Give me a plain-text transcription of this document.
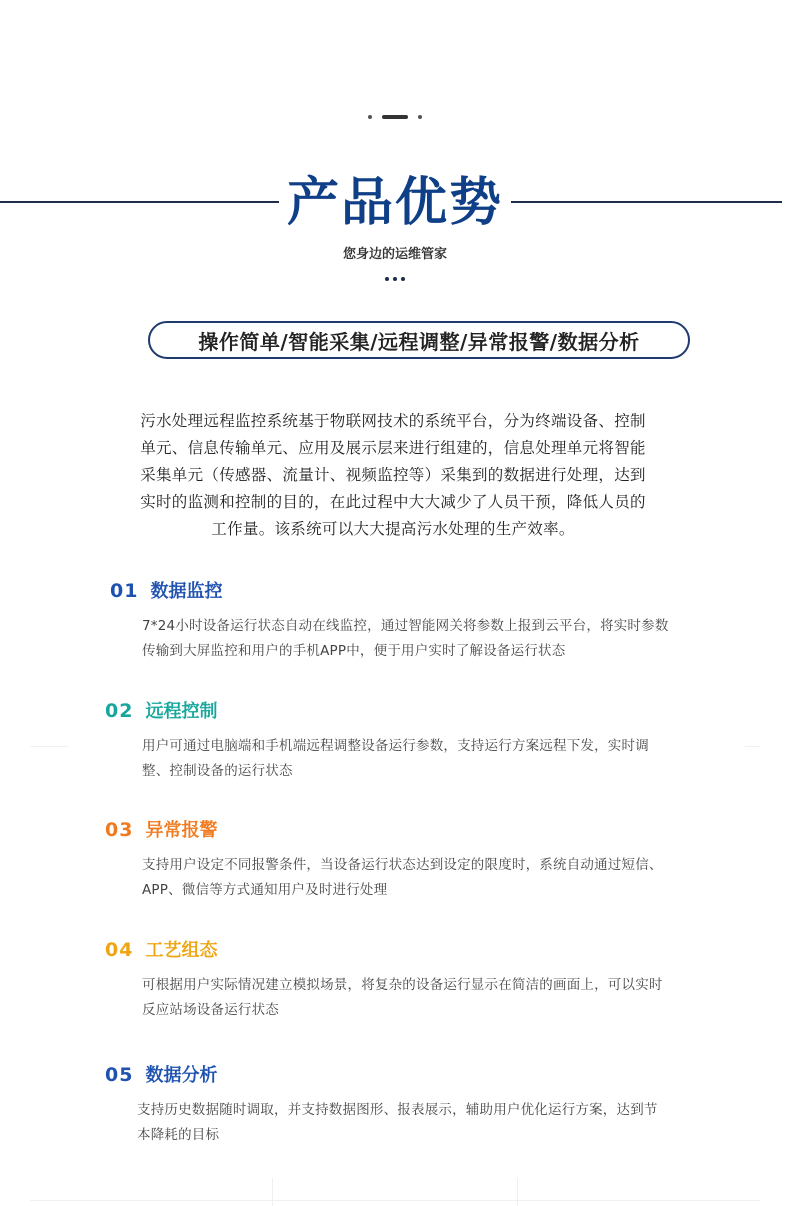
产品优势
您身边的运维管家
操作简单/智能采集/远程调整/异常报警/数据分析
污水处理远程监控系统基于物联网技术的系统平台，分为终端设备、控制
单元、信息传输单元、应用及展示层来进行组建的，信息处理单元将智能
采集单元（传感器、流量计、视频监控等）采集到的数据进行处理，达到
实时的监测和控制的目的，在此过程中大大减少了人员干预，降低人员的
工作量。该系统可以大大提高污水处理的生产效率。
01 数据监控
7*24小时设备运行状态自动在线监控，通过智能网关将参数上报到云平台，将实时参数
传输到大屏监控和用户的手机APP中，便于用户实时了解设备运行状态
02 远程控制
用户可通过电脑端和手机端远程调整设备运行参数，支持运行方案远程下发，实时调
整、控制设备的运行状态
03 异常报警
支持用户设定不同报警条件，当设备运行状态达到设定的限度时，系统自动通过短信、
APP、微信等方式通知用户及时进行处理
04 工艺组态
可根据用户实际情况建立模拟场景，将复杂的设备运行显示在简洁的画面上，可以实时
反应站场设备运行状态
05 数据分析
支持历史数据随时调取，并支持数据图形、报表展示，辅助用户优化运行方案，达到节
本降耗的目标
